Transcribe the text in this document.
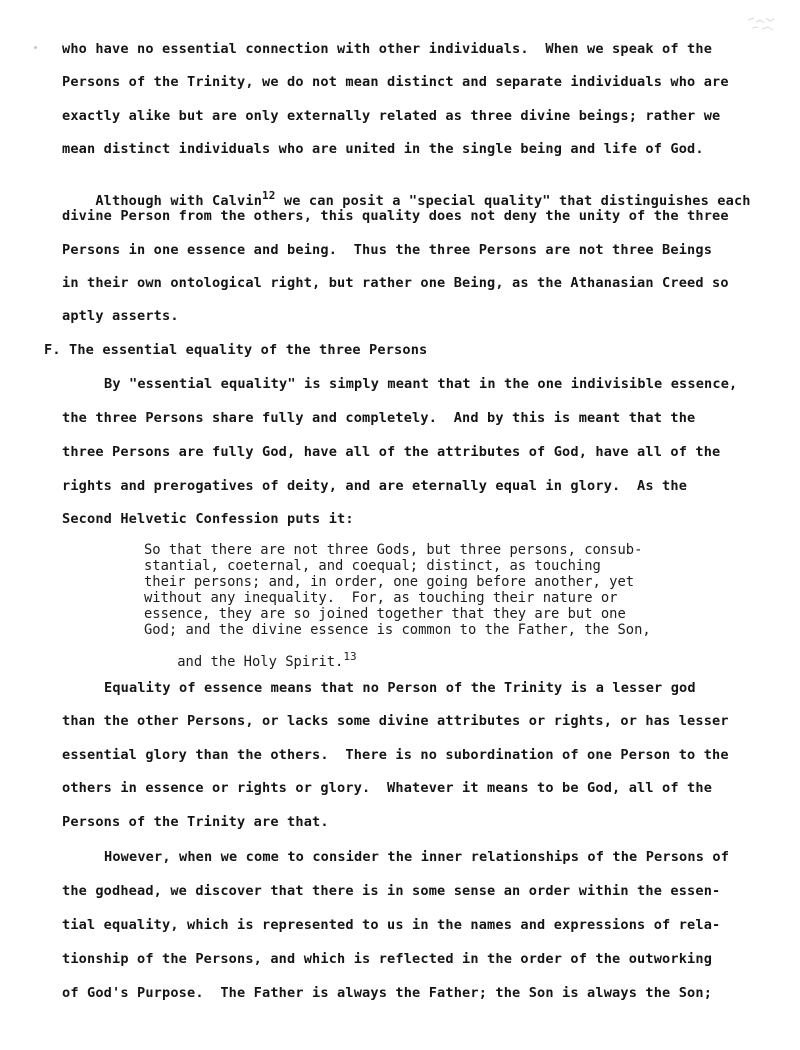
who have no essential connection with other individuals.  When we speak of the
Persons of the Trinity, we do not mean distinct and separate individuals who are
exactly alike but are only externally related as three divine beings; rather we
mean distinct individuals who are united in the single being and life of God.

Although with Calvin$^{12}$ we can posit a "special quality" that distinguishes each

divine Person from the others, this quality does not deny the unity of the three
Persons in one essence and being.  Thus the three Persons are not three Beings
in their own ontological right, but rather one Being, as the Athanasian Creed so
aptly asserts.
F. The essential equality of the three Persons
By "essential equality" is simply meant that in the one indivisible essence,
the three Persons share fully and completely.  And by this is meant that the
three Persons are fully God, have all of the attributes of God, have all of the
rights and prerogatives of deity, and are eternally equal in glory.  As the
Second Helvetic Confession puts it:
So that there are not three Gods, but three persons, consub-
stantial, coeternal, and coequal; distinct, as touching
their persons; and, in order, one going before another, yet
without any inequality.  For, as touching their nature or
essence, they are so joined together that they are but one
God; and the divine essence is common to the Father, the Son,

and the Holy Spirit.$^{13}$

Equality of essence means that no Person of the Trinity is a lesser god
than the other Persons, or lacks some divine attributes or rights, or has lesser
essential glory than the others.  There is no subordination of one Person to the
others in essence or rights or glory.  Whatever it means to be God, all of the
Persons of the Trinity are that.
However, when we come to consider the inner relationships of the Persons of
the godhead, we discover that there is in some sense an order within the essen-
tial equality, which is represented to us in the names and expressions of rela-
tionship of the Persons, and which is reflected in the order of the outworking
of God's Purpose.  The Father is always the Father; the Son is always the Son;
